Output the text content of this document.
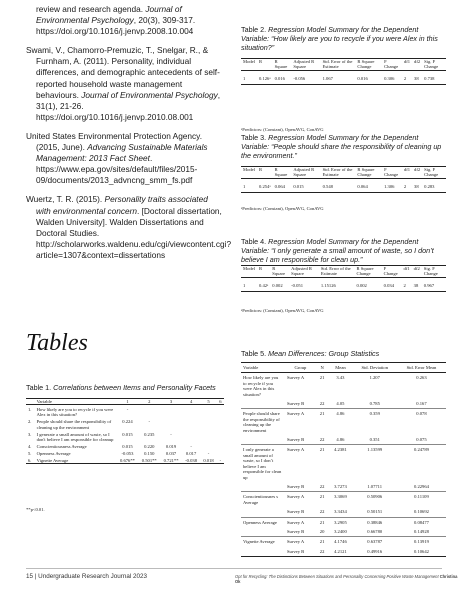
review and research agenda. Journal of Environmental Psychology, 20(3), 309-317. https://doi.org/10.1016/j.jenvp.2008.10.004
Swami, V., Chamorro-Premuzic, T., Snelgar, R., & Furnham, A. (2011). Personality, individual differences, and demographic antecedents of self-reported household waste management behaviours. Journal of Environmental Psychology, 31(1), 21-26. https://doi.org/10.1016/j.jenvp.2010.08.001
United States Environmental Protection Agency. (2015, June). Advancing Sustainable Materials Management: 2013 Fact Sheet. https://www.epa.gov/sites/default/files/2015-09/documents/2013_advncng_smm_fs.pdf
Wuertz, T. R. (2015). Personality traits associated with environmental concern. [Doctoral dissertation, Walden University]. Walden Dissertations and Doctoral Studies. http://scholarworks.waldenu.edu/cgi/viewcontent.cgi?article=1307&context=dissertations
Tables
Table 1. Correlations between Items and Personality Facets
	Variable	1	2	3	4	5	6
1.	How likely are you to recycle if you were Alex in this situation?	-					
2.	People should share the responsibility of cleaning up the environment	0.224	-				
3.	I generate a small amount of waste, so I don't believe I am responsible for cleanup	0.015	0.235	-			
4.	Conscientiousness Average	0.015	0.220	0.019	-		
5.	Openness Average	-0.053	0.150	0.037	0.017	-	
6.	Vignette Average	0.676**	0.501**	0.721**	-0.038	0.018	-
**p<0.01.
Table 2. Regression Model Summary for the Dependent Variable: “How likely are you to recycle if you were Alex in this situation?”
Model	R	R Square	Adjusted R Square	Std. Error of the Estimate	R Square Change	F Change	df1	df2	Sig. F Change
1	0.126ᵃ	0.016	-0.056	1.067	0.016	0.306	2	38	0.738
ᵃPredictors: (Constant), OpenAVG, ConAVG
Table 3. Regression Model Summary for the Dependent Variable: “People should share the responsibility of cleaning up the environment.”
Model	R	R Square	Adjusted R Square	Std. Error of the Estimate	R Square Change	F Change	df1	df2	Sig. F Change
1	0.254ᵃ	0.064	0.015	0.548	0.064	1.306	2	38	0.283
ᵃPredictors: (Constant), OpenAVG, ConAVG
Table 4. Regression Model Summary for the Dependent Variable: “I only generate a small amount of waste, so I don’t believe I am responsible for clean up.”
Model	R	R Square	Adjusted R Square	Std. Error of the Estimate	R Square Change	F Change	df1	df2	Sig. F Change
1	0.42ᵃ	0.002	-0.051	1.15126	0.002	0.034	2	38	0.967
ᵃPredictors: (Constant), OpenAVG, ConAVG
Table 5. Mean Differences: Group Statistics
Variable	Group	N	Mean	Std. Deviation	Std. Error Mean
How likely are you to recycle if you were Alex in this situation?	Survey A	21	3.43	1.207	0.263
	Survey B	22	4.05	0.785	0.167
People should share the responsibility of cleaning up the environment	Survey A	21	4.86	0.359	0.078
	Survey B	22	4.86	0.351	0.075
I only generate a small amount of waste, so I don’t believe I am responsible for clean up	Survey A	21	4.2381	1.13599	0.24789
	Survey B	22	3.7273	1.07711	0.22964
Conscientiousnes s Average	Survey A	21	3.3069	0.50906	0.11109
	Survey B	22	3.3434	0.50151	0.10692
Openness Average	Survey A	21	3.2905	0.38846	0.08477
	Survey B	20	3.2400	0.66780	0.14928
Vignette Average	Survey A	21	4.1746	0.63787	0.13919
	Survey B	22	4.2121	0.49916	0.10642
15 | Undergraduate Research Journal 2023	Opt for Recycling: The Distinctions Between Situations and Personality Concerning Positive Waste Management Christina Ok
